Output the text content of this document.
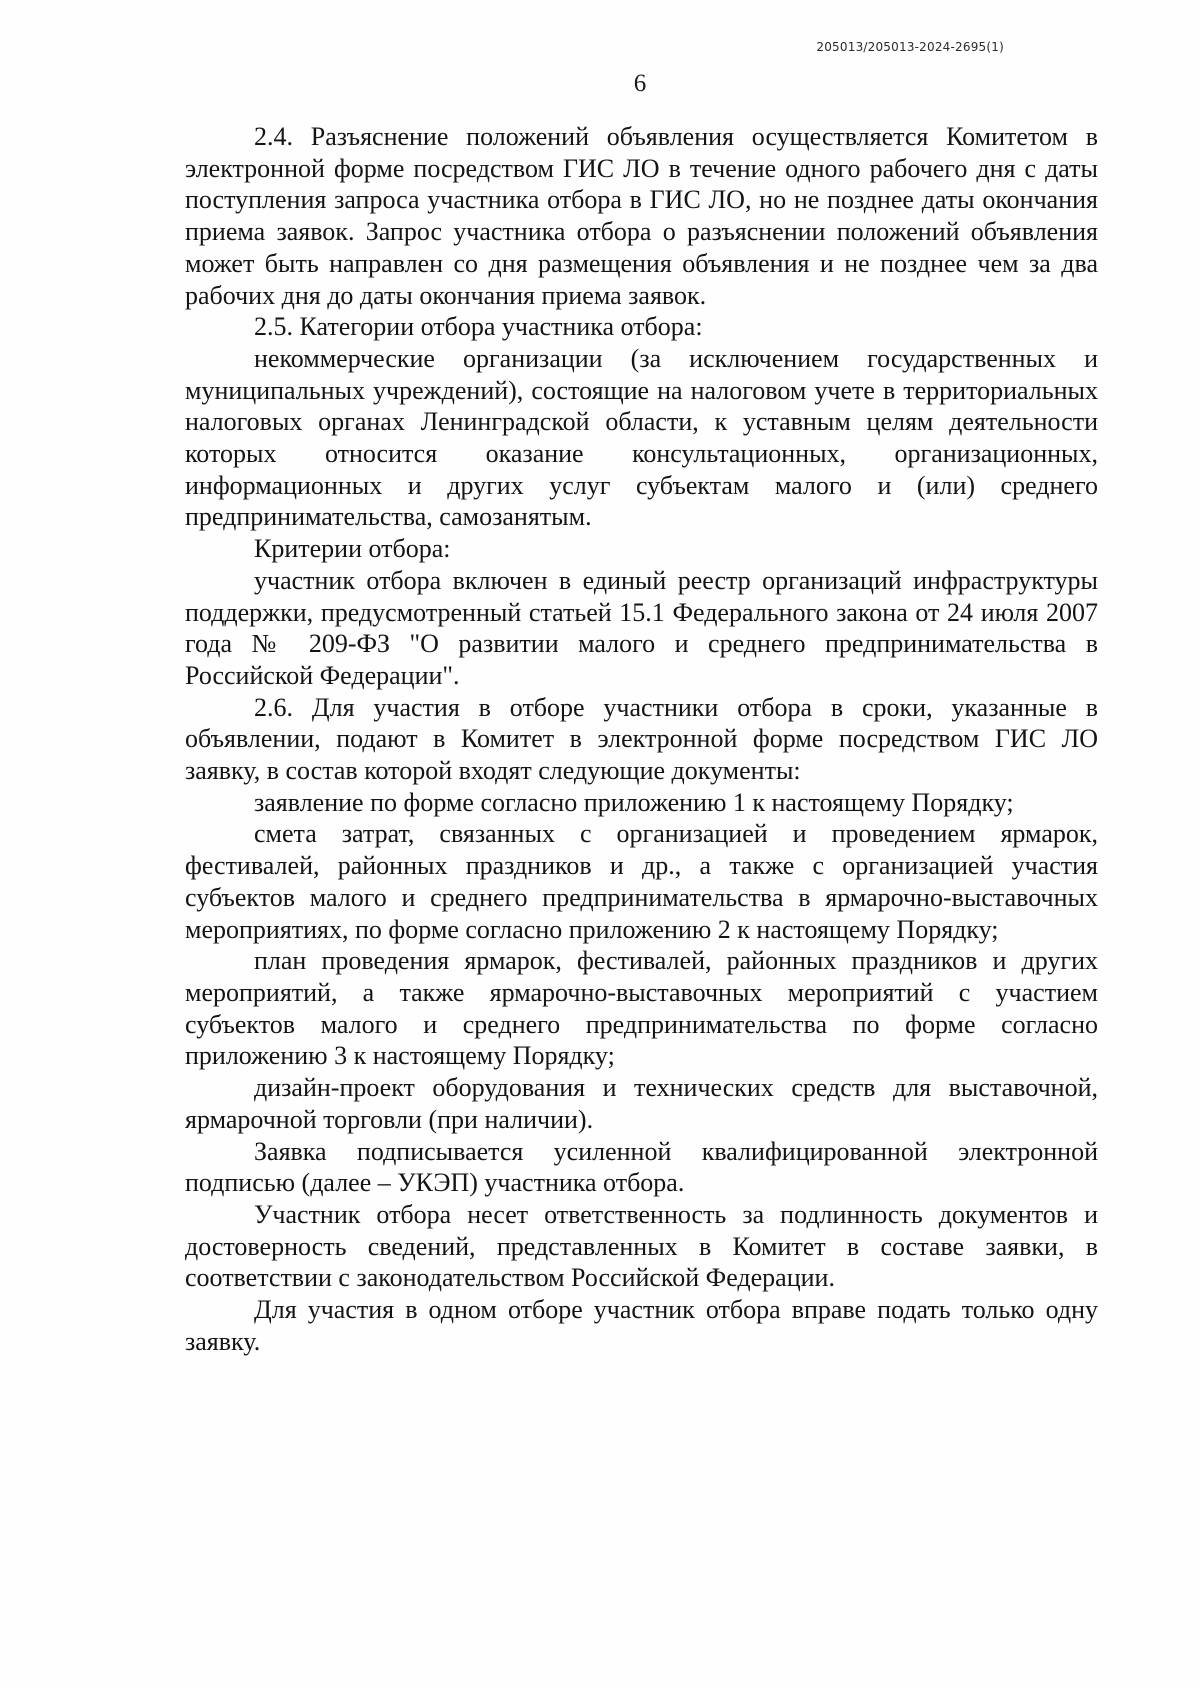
205013/205013-2024-2695(1)
6

2.4. Разъяснение положений объявления осуществляется Комитетом в электронной форме посредством ГИС ЛО в течение одного рабочего дня с даты поступления запроса участника отбора в ГИС ЛО, но не позднее даты окончания приема заявок. Запрос участника отбора о разъяснении положений объявления может быть направлен со дня размещения объявления и не позднее чем за два рабочих дня до даты окончания приема заявок.

2.5. Категории отбора участника отбора:

некоммерческие организации (за исключением государственных и муниципальных учреждений), состоящие на налоговом учете в территориальных налоговых органах Ленинградской области, к уставным целям деятельности которых относится оказание консультационных, организационных, информационных и других услуг субъектам малого и (или) среднего предпринимательства, самозанятым.

Критерии отбора:

участник отбора включен в единый реестр организаций инфраструктуры поддержки, предусмотренный статьей 15.1 Федерального закона от 24 июля 2007 года № 209-ФЗ "О развитии малого и среднего предпринимательства в Российской Федерации".

2.6. Для участия в отборе участники отбора в сроки, указанные в объявлении, подают в Комитет в электронной форме посредством ГИС ЛО заявку, в состав которой входят следующие документы:

заявление по форме согласно приложению 1 к настоящему Порядку;

смета затрат, связанных с организацией и проведением ярмарок, фестивалей, районных праздников и др., а также с организацией участия субъектов малого и среднего предпринимательства в ярмарочно-выставочных мероприятиях, по форме согласно приложению 2 к настоящему Порядку;

план проведения ярмарок, фестивалей, районных праздников и других мероприятий, а также ярмарочно-выставочных мероприятий с участием субъектов малого и среднего предпринимательства по форме согласно приложению 3 к настоящему Порядку;

дизайн-проект оборудования и технических средств для выставочной, ярмарочной торговли (при наличии).

Заявка подписывается усиленной квалифицированной электронной подписью (далее – УКЭП) участника отбора.

Участник отбора несет ответственность за подлинность документов и достоверность сведений, представленных в Комитет в составе заявки, в соответствии с законодательством Российской Федерации.

Для участия в одном отборе участник отбора вправе подать только одну заявку.
